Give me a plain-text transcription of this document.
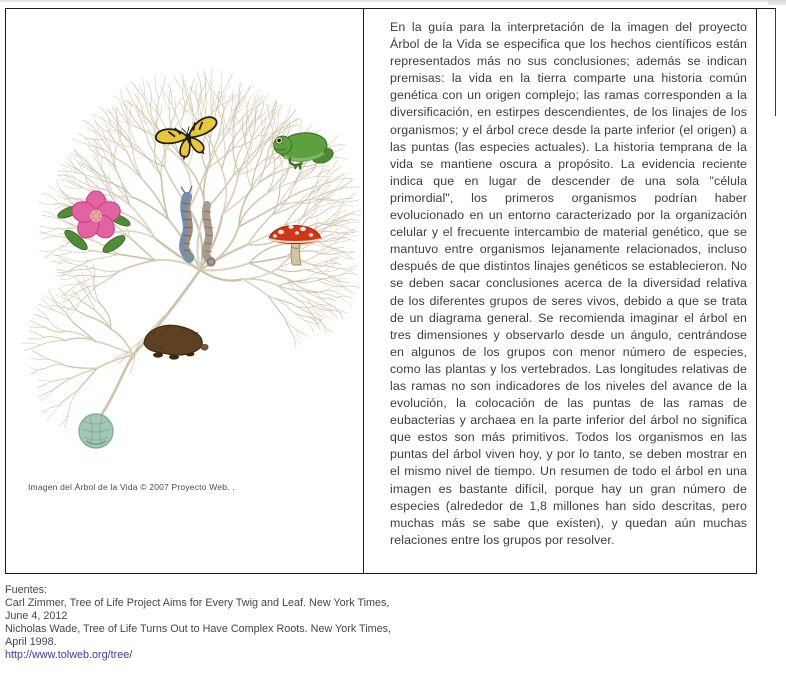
Imagen del Árbol de la Vida © 2007 Proyecto Web. .

En la guía para la interpretación de la imagen del proyecto Árbol de la Vida se especifica que los hechos científicos están representados más no sus conclusiones; además se indican premisas: la vida en la tierra comparte una historia común genética con un origen complejo; las ramas corresponden a la diversificación, en estirpes descendientes, de los linajes de los organismos; y el árbol crece desde la parte inferior (el origen) a las puntas (las especies actuales). La historia temprana de la vida se mantiene oscura a propósito. La evidencia reciente indica que en lugar de descender de una sola "célula primordial", los primeros organismos podrían haber evolucionado en un entorno caracterizado por la organización celular y el frecuente intercambio de material genético, que se mantuvo entre organismos lejanamente relacionados, incluso después de que distintos linajes genéticos se establecieron. No se deben sacar conclusiones acerca de la diversidad relativa de los diferentes grupos de seres vivos, debido a que se trata de un diagrama general. Se recomienda imaginar el árbol en tres dimensiones y observarlo desde un ángulo, centrándose en algunos de los grupos con menor número de especies, como las plantas y los vertebrados. Las longitudes relativas de las ramas no son indicadores de los niveles del avance de la evolución, la colocación de las puntas de las ramas de eubacterias y archaea en la parte inferior del árbol no significa que estos son más primitivos. Todos los organismos en las puntas del árbol viven hoy, y por lo tanto, se deben mostrar en el mismo nivel de tiempo. Un resumen de todo el árbol en una imagen es bastante difícil, porque hay un gran número de especies (alrededor de 1,8 millones han sido descritas, pero muchas más se sabe que existen), y quedan aún muchas relaciones entre los grupos por resolver.

Fuentes:
Carl Zimmer, Tree of Life Project Aims for Every Twig and Leaf. New York Times, June 4, 2012
Nicholas Wade, Tree of Life Turns Out to Have Complex Roots. New York Times, April 1998.
http://www.tolweb.org/tree/
